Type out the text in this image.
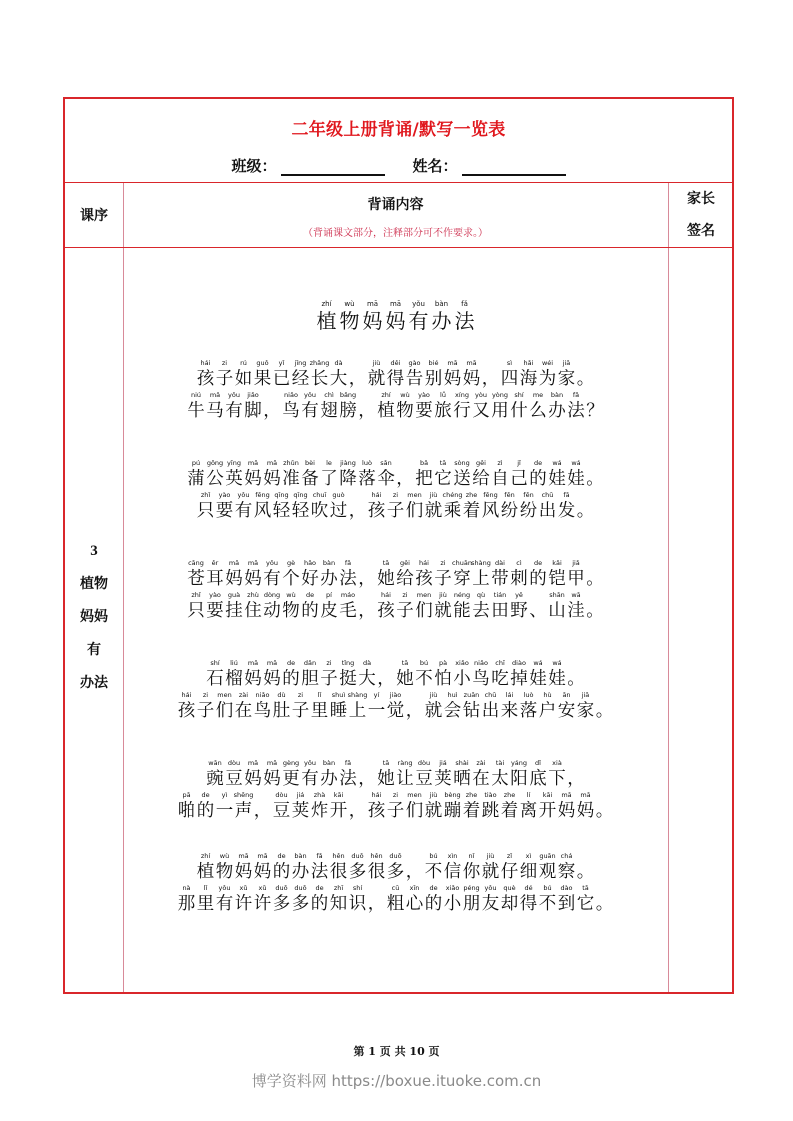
二年级上册背诵/默写一览表
班级：	姓名：
课序
背诵内容
（背诵课文部分，注释部分可不作要求。）
家长
签名
3
植物
妈妈
有
办法
zhí
植
wù
物
mā
妈
mā
妈
yǒu
有
bàn
办
fǎ
法
hái
孩
zi
子
rú
如
guǒ
果
yǐ
已
jīng
经
zhǎng
长
dà
大 ，
jiù
就
děi
得
gào
告
bié
别
mā
妈
mā
妈 ，
sì
四
hǎi
海
wéi
为
jiā
家 。
niú
牛
mǎ
马
yǒu
有
jiǎo
脚 ，
niǎo
鸟
yǒu
有
chì
翅
bǎng
膀 ，
zhí
植
wù
物
yào
要
lǚ
旅
xíng
行
yòu
又
yòng
用
shí
什
me
么
bàn
办
fǎ
法 ？
pú
蒲
gōng
公
yīng
英
mā
妈
mā
妈
zhǔn
准
bèi
备
le
了
jiàng
降
luò
落
sǎn
伞 ，
bǎ
把
tā
它
sòng
送
gěi
给
zì
自
jǐ
己
de
的
wá
娃
wá
娃 。
zhǐ
只
yào
要
yǒu
有
fēng
风
qīng
轻
qīng
轻
chuī
吹
guò
过 ，
hái
孩
zi
子
men
们
jiù
就
chéng
乘
zhe
着
fēng
风
fēn
纷
fēn
纷
chū
出
fā
发 。
cāng
苍
ěr
耳
mā
妈
mā
妈
yǒu
有
gè
个
hǎo
好
bàn
办
fǎ
法 ，
tā
她
gěi
给
hái
孩
zi
子
chuān
穿
shàng
上
dài
带
cì
刺
de
的
kǎi
铠
jiǎ
甲 。
zhǐ
只
yào
要
guà
挂
zhù
住
dòng
动
wù
物
de
的
pí
皮
máo
毛 ，
hái
孩
zi
子
men
们
jiù
就
néng
能
qù
去
tián
田
yě
野 、
shān
山
wā
洼 。
shí
石
liú
榴
mā
妈
mā
妈
de
的
dǎn
胆
zi
子
tǐng
挺
dà
大 ，
tā
她
bú
不
pà
怕
xiǎo
小
niǎo
鸟
chī
吃
diào
掉
wá
娃
wá
娃 。
hái
孩
zi
子
men
们
zài
在
niǎo
鸟
dù
肚
zi
子
lǐ
里
shuì
睡
shàng
上
yí
一
jiào
觉 ，
jiù
就
huì
会
zuān
钻
chū
出
lái
来
luò
落
hù
户
ān
安
jiā
家 。
wān
豌
dòu
豆
mā
妈
mā
妈
gèng
更
yǒu
有
bàn
办
fǎ
法 ，
tā
她
ràng
让
dòu
豆
jiá
荚
shài
晒
zài
在
tài
太
yáng
阳
dǐ
底
xià
下 ，
pā
啪
de
的
yì
一
shēng
声 ，
dòu
豆
jiá
荚
zhà
炸
kāi
开 ，
hái
孩
zi
子
men
们
jiù
就
bèng
蹦
zhe
着
tiào
跳
zhe
着
lí
离
kāi
开
mā
妈
mā
妈 。
zhí
植
wù
物
mā
妈
mā
妈
de
的
bàn
办
fǎ
法
hěn
很
duō
多
hěn
很
duō
多 ，
bú
不
xìn
信
nǐ
你
jiù
就
zǐ
仔
xì
细
guān
观
chá
察 。
nà
那
lǐ
里
yǒu
有
xǔ
许
xǔ
许
duō
多
duō
多
de
的
zhī
知
shí
识 ，
cū
粗
xīn
心
de
的
xiǎo
小
péng
朋
yǒu
友
què
却
dé
得
bú
不
dào
到
tā
它 。
第 1 页 共 10 页
博学资料网 https://boxue.ituoke.com.cn
